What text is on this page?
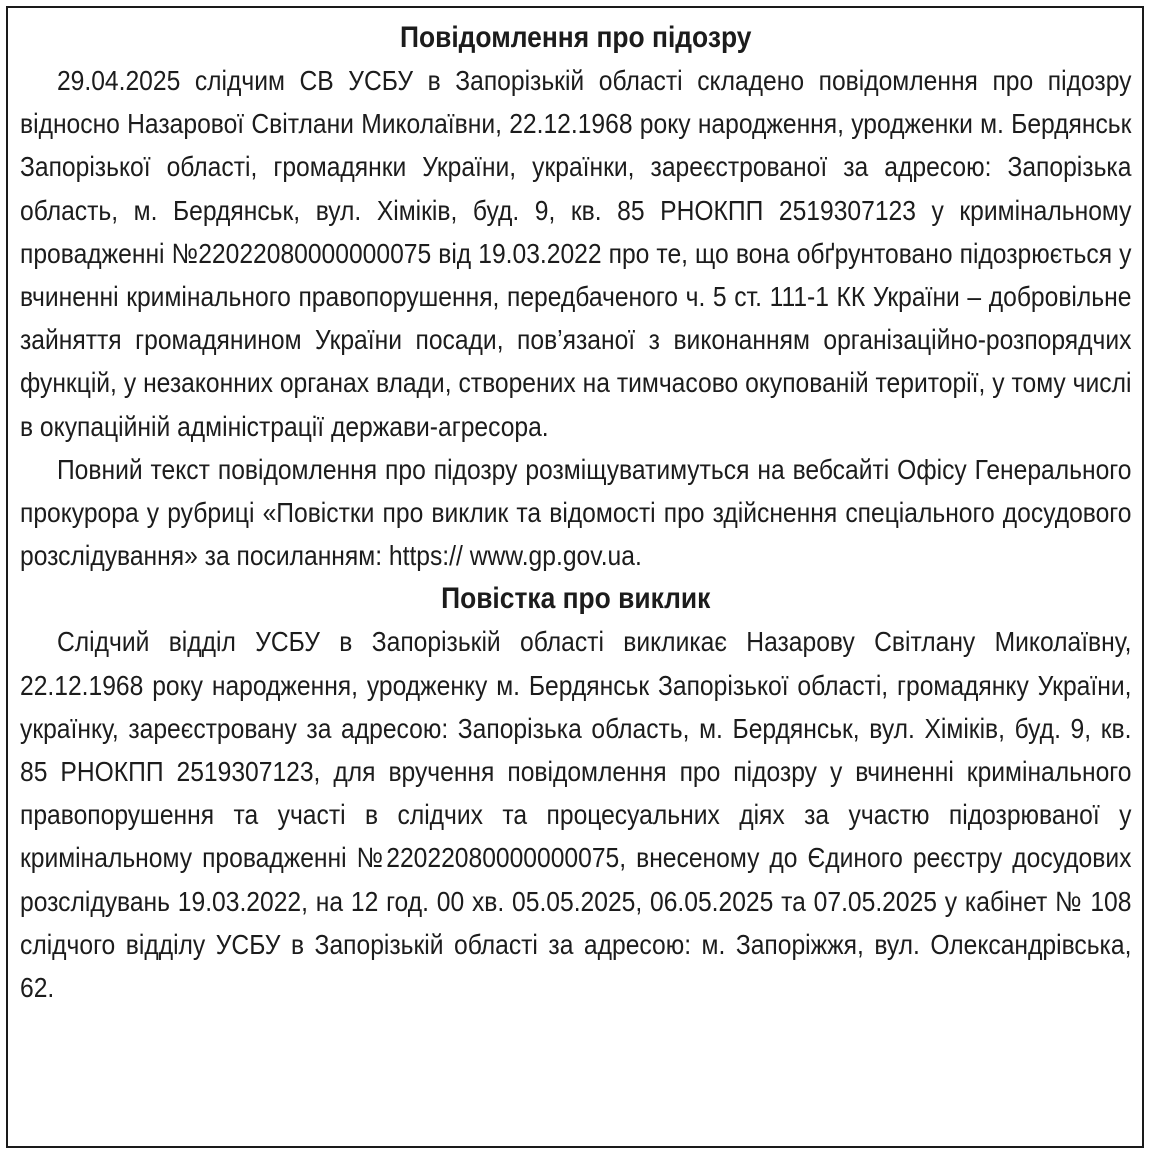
Повідомлення про підозру

29.04.2025 слідчим СВ УСБУ в Запорізькій області складено повідомлення про підозру відносно Назарової Світлани Миколаївни, 22.12.1968 року народження, уродженки м. Бердянськ Запорізької області, громадянки України, українки, зареєстрованої за адресою: Запорізька область, м. Бердянськ, вул. Хіміків, буд. 9, кв. 85 РНОКПП 2519307123 у кримінальному провадженні №22022080000000075 від 19.03.2022 про те, що вона обґрунтовано підозрюється у вчиненні кримінального правопорушення, передбаченого ч. 5 ст. 111-1 КК України – добровільне зайняття громадянином України посади, пов’язаної з виконанням організаційно-розпорядчих функцій, у незаконних органах влади, створених на тимчасово окупованій території, у тому числі в окупаційній адміністрації держави-агресора.

Повний текст повідомлення про підозру розміщуватимуться на вебсайті Офісу Генерального прокурора у рубриці «Повістки про виклик та відомості про здійснення спеціального досудового розслідування» за посиланням: https:// www.gp.gov.ua.

Повістка про виклик

Слідчий відділ УСБУ в Запорізькій області викликає Назарову Світлану Миколаївну, 22.12.1968 року народження, уродженку м. Бердянськ Запорізької області, громадянку України, українку, зареєстровану за адресою: Запорізька область, м. Бердянськ, вул. Хіміків, буд. 9, кв. 85 РНОКПП 2519307123, для вручення повідомлення про підозру у вчиненні кримінального правопорушення та участі в слідчих та процесуальних діях за участю підозрюваної у кримінальному провадженні №22022080000000075, внесеному до Єдиного реєстру досудових розслідувань 19.03.2022, на 12 год. 00 хв. 05.05.2025, 06.05.2025 та 07.05.2025 у кабінет № 108 слідчого відділу УСБУ в Запорізькій області за адресою: м. Запоріжжя, вул. Олександрівська, 62.
